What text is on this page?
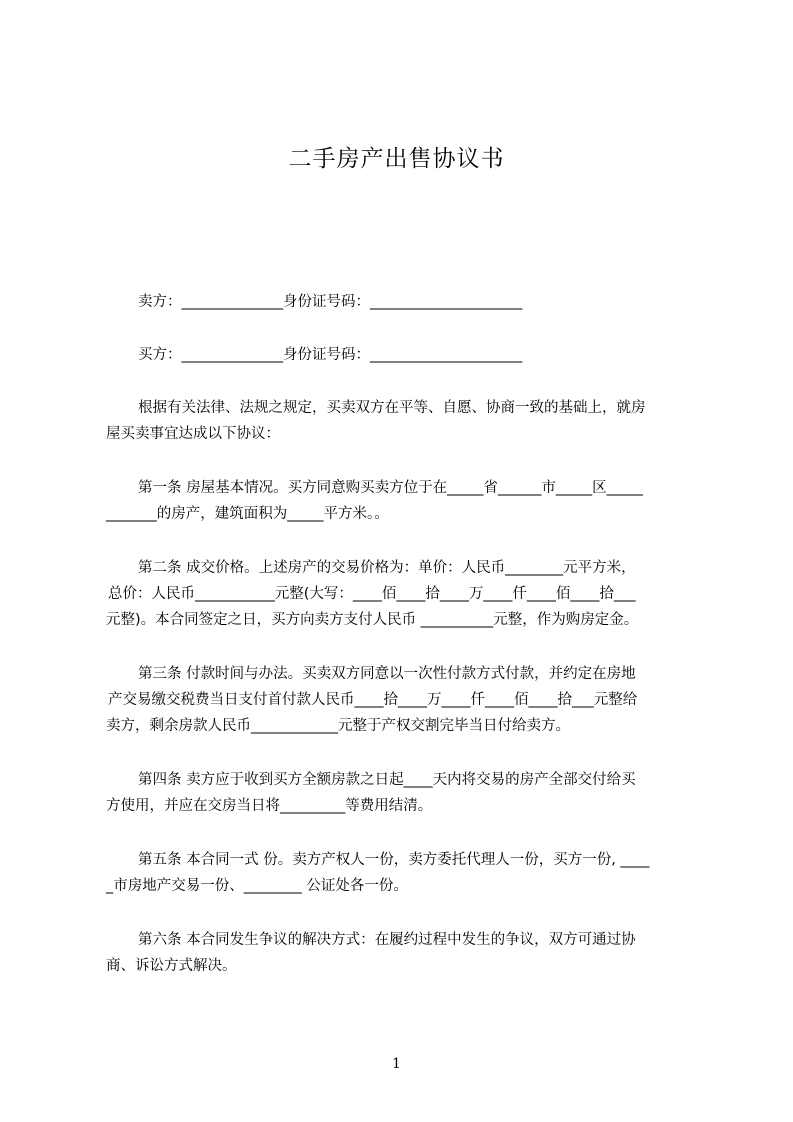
二手房产出售协议书
卖方：______________身份证号码：_____________________
买方：______________身份证号码：_____________________
根据有关法律、法规之规定，买卖双方在平等、自愿、协商一致的基础上，就房
屋买卖事宜达成以下协议：
第一条 房屋基本情况。买方同意购买卖方位于在_____省______市_____区_____
_______的房产，建筑面积为_____平方米。。
第二条 成交价格。上述房产的交易价格为：单价：人民币________元平方米，
总价：人民币___________元整(大写：____佰____拾____万____仟____佰____拾___
元整)。本合同签定之日，买方向卖方支付人民币 __________元整，作为购房定金。
第三条 付款时间与办法。买卖双方同意以一次性付款方式付款，并约定在房地
产交易缴交税费当日支付首付款人民币____拾____万____仟____佰____拾___元整给
卖方，剩余房款人民币____________元整于产权交割完毕当日付给卖方。
第四条 卖方应于收到买方全额房款之日起____天内将交易的房产全部交付给买
方使用，并应在交房当日将_________等费用结清。
第五条 本合同一式 份。卖方产权人一份，卖方委托代理人一份，买方一份, ____
_市房地产交易一份、________ 公证处各一份。
第六条 本合同发生争议的解决方式：在履约过程中发生的争议，双方可通过协
商、诉讼方式解决。
1
